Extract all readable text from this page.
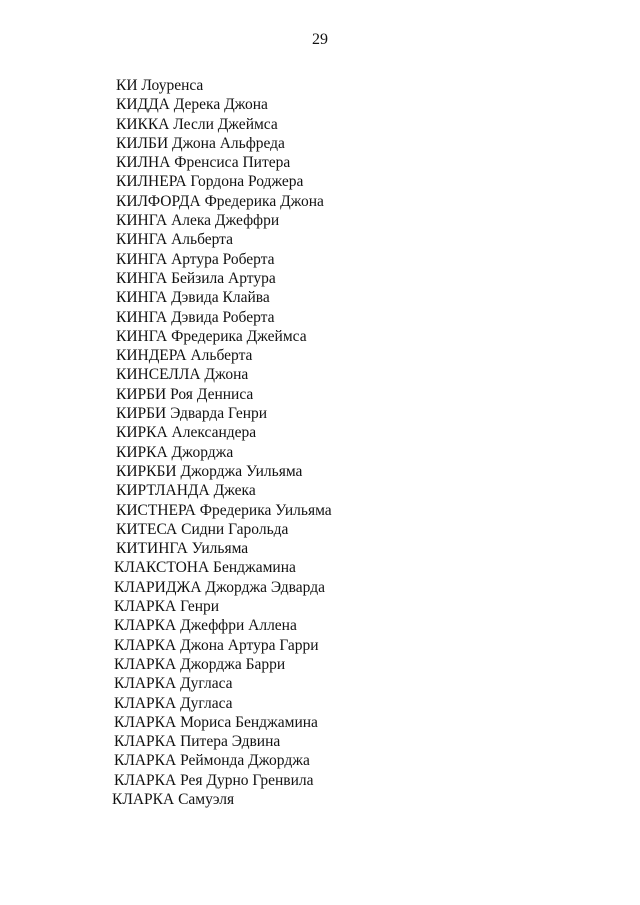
29
КИ Лоуренса
КИДДА Дерека Джона
КИККА Лесли Джеймса
КИЛБИ Джона Альфреда
КИЛНА Френсиса Питера
КИЛНЕРА Гордона Роджера
КИЛФОРДА Фредерика Джона
КИНГА Алека Джеффри
КИНГА Альберта
КИНГА Артура Роберта
КИНГА Бейзила Артура
КИНГА Дэвида Клайва
КИНГА Дэвида Роберта
КИНГА Фредерика Джеймса
КИНДЕРА Альберта
КИНСЕЛЛА Джона
КИРБИ Роя Денниса
КИРБИ Эдварда Генри
КИРКА Александера
КИРКА Джорджа
КИРКБИ Джорджа Уильяма
КИРТЛАНДА Джека
КИСТНЕРА Фредерика Уильяма
КИТЕСА Сидни Гарольда
КИТИНГА Уильяма
КЛАКСТОНА Бенджамина
КЛАРИДЖА Джорджа Эдварда
КЛАРКА Генри
КЛАРКА Джеффри Аллена
КЛАРКА Джона Артура Гарри
КЛАРКА Джорджа Барри
КЛАРКА Дугласа
КЛАРКА Дугласа
КЛАРКА Мориса Бенджамина
КЛАРКА Питера Эдвина
КЛАРКА Реймонда Джорджа
КЛАРКА Рея Дурно Гренвила
КЛАРКА Самуэля
